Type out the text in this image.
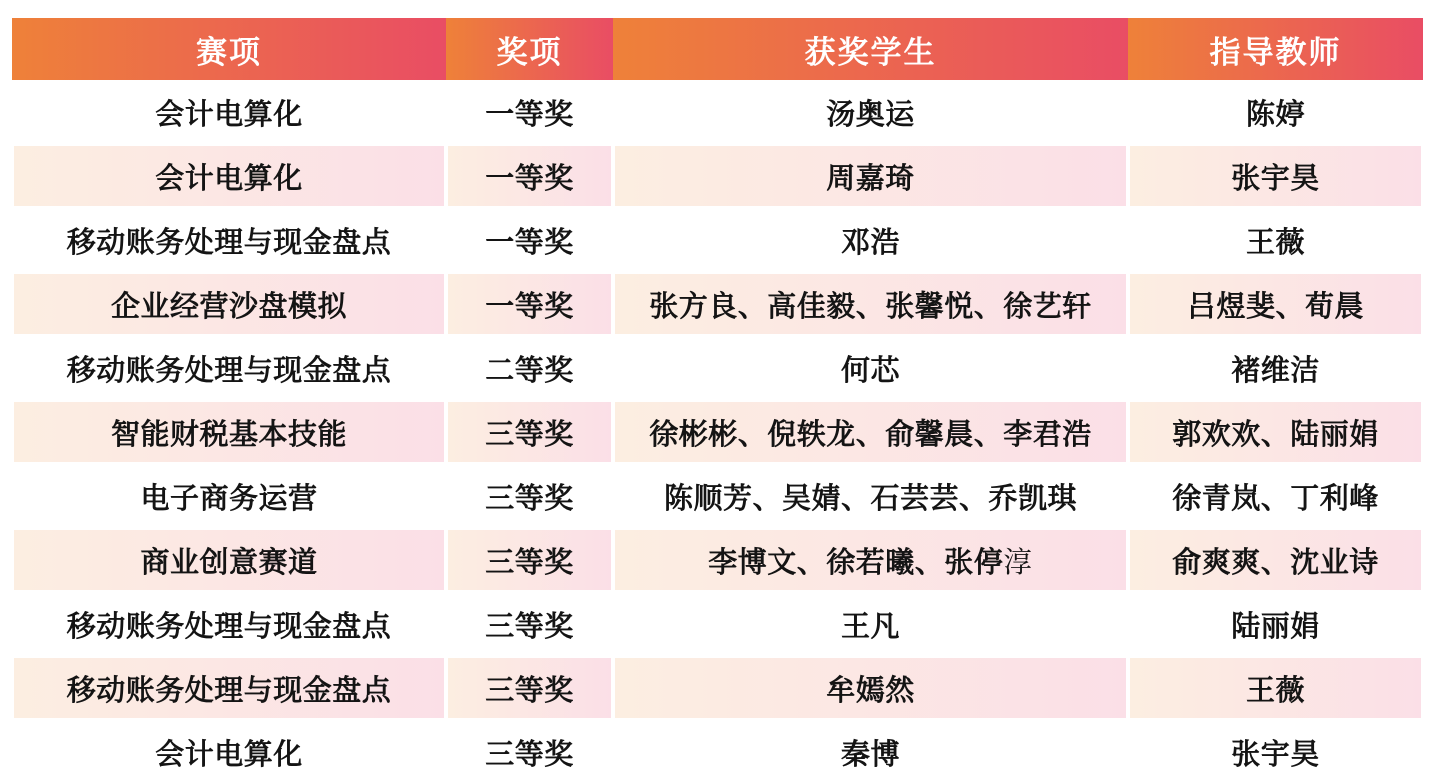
赛项	奖项	获奖学生	指导教师
会计电算化	一等奖	汤奥运	陈婷
会计电算化	一等奖	周嘉琦	张宇昊
移动账务处理与现金盘点	一等奖	邓浩	王薇
企业经营沙盘模拟	一等奖	张方良、高佳毅、张馨悦、徐艺轩	吕煜斐、荀晨
移动账务处理与现金盘点	二等奖	何芯	褚维洁
智能财税基本技能	三等奖	徐彬彬、倪轶龙、俞馨晨、李君浩	郭欢欢、陆丽娟
电子商务运营	三等奖	陈顺芳、吴婧、石芸芸、乔凯琪	徐青岚、丁利峰
商业创意赛道	三等奖	李博文、徐若曦、张停 淳	俞爽爽、沈业诗
移动账务处理与现金盘点	三等奖	王凡	陆丽娟
移动账务处理与现金盘点	三等奖	牟嫣然	王薇
会计电算化	三等奖	秦博	张宇昊
